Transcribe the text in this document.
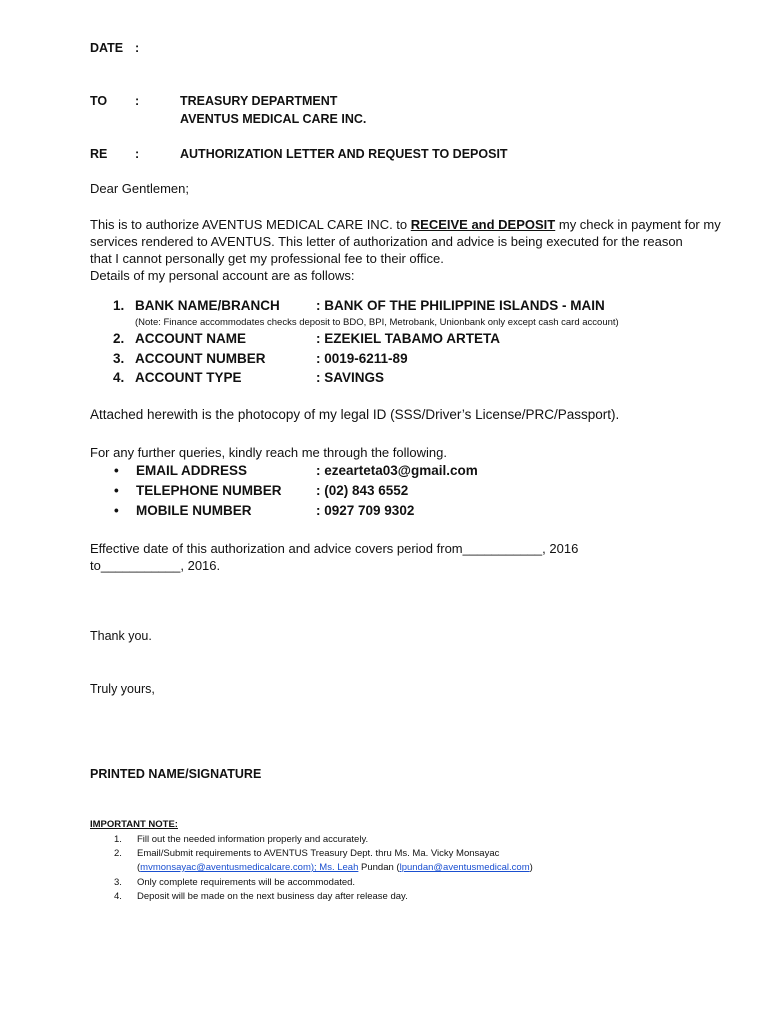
DATE :
TO :	TREASURY DEPARTMENT
AVENTUS MEDICAL CARE INC.
RE :	AUTHORIZATION LETTER AND REQUEST TO DEPOSIT
Dear Gentlemen;
This is to authorize AVENTUS MEDICAL CARE INC. to RECEIVE and DEPOSIT my check in payment for my
services rendered to AVENTUS. This letter of authorization and advice is being executed for the reason
that I cannot personally get my professional fee to their office.
Details of my personal account are as follows:
1. BANK NAME/BRANCH	: BANK OF THE PHILIPPINE ISLANDS - MAIN
(Note: Finance accommodates checks deposit to BDO, BPI, Metrobank, Unionbank only except cash card account)
2. ACCOUNT NAME	: EZEKIEL TABAMO ARTETA
3. ACCOUNT NUMBER	: 0019-6211-89
4. ACCOUNT TYPE	: SAVINGS
Attached herewith is the photocopy of my legal ID (SSS/Driver’s License/PRC/Passport).
For any further queries, kindly reach me through the following.
• EMAIL ADDRESS	: ezearteta03@gmail.com
• TELEPHONE NUMBER	: (02) 843 6552
• MOBILE NUMBER	: 0927 709 9302
Effective date of this authorization and advice covers period from___________, 2016
to___________, 2016.
Thank you.
Truly yours,
PRINTED NAME/SIGNATURE
IMPORTANT NOTE:
1. Fill out the needed information properly and accurately.
2. Email/Submit requirements to AVENTUS Treasury Dept. thru Ms. Ma. Vicky Monsayac
(mvmonsayac@aventusmedicalcare.com); Ms. Leah Pundan (lpundan@aventusmedical.com)
3. Only complete requirements will be accommodated.
4. Deposit will be made on the next business day after release day.
